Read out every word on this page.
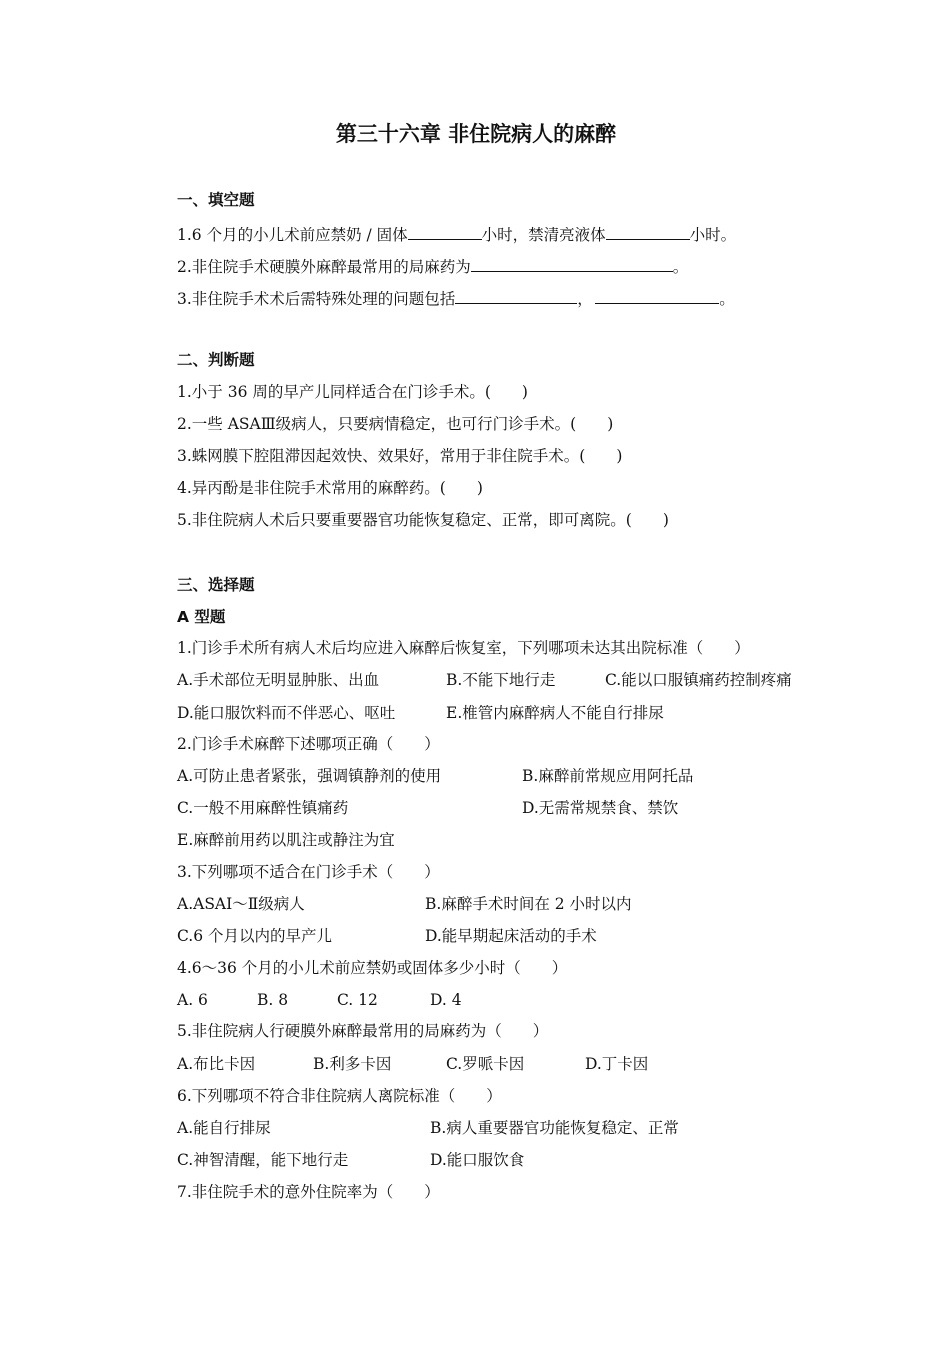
第三十六章 非住院病人的麻醉
一、填空题
1.6 个月的小儿术前应禁奶 / 固体	小时，禁清亮液体	小时。
2.非住院手术硬膜外麻醉最常用的局麻药为	。
3.非住院手术术后需特殊处理的问题包括	，	。
二、判断题
1.小于 36 周的早产儿同样适合在门诊手术。(　　)
2.一些 ASAⅢ级病人，只要病情稳定，也可行门诊手术。(　　)
3.蛛网膜下腔阻滞因起效快、效果好，常用于非住院手术。(　　)
4.异丙酚是非住院手术常用的麻醉药。(　　)
5.非住院病人术后只要重要器官功能恢复稳定、正常，即可离院。(　　)
三、选择题
A 型题
1.门诊手术所有病人术后均应进入麻醉后恢复室，下列哪项未达其出院标准（　　）
A.手术部位无明显肿胀、出血	B.不能下地行走	C.能以口服镇痛药控制疼痛
D.能口服饮料而不伴恶心、呕吐	E.椎管内麻醉病人不能自行排尿
2.门诊手术麻醉下述哪项正确（　　）
A.可防止患者紧张，强调镇静剂的使用	B.麻醉前常规应用阿托品
C.一般不用麻醉性镇痛药	D.无需常规禁食、禁饮
E.麻醉前用药以肌注或静注为宜
3.下列哪项不适合在门诊手术（　　）
A.ASAⅠ～Ⅱ级病人	B.麻醉手术时间在 2 小时以内
C.6 个月以内的早产儿	D.能早期起床活动的手术
4.6～36 个月的小儿术前应禁奶或固体多少小时（　　）
A. 6	B. 8	C. 12	D. 4
5.非住院病人行硬膜外麻醉最常用的局麻药为（　　）
A.布比卡因	B.利多卡因	C.罗哌卡因	D.丁卡因
6.下列哪项不符合非住院病人离院标准（　　）
A.能自行排尿	B.病人重要器官功能恢复稳定、正常
C.神智清醒，能下地行走	D.能口服饮食
7.非住院手术的意外住院率为（　　）
